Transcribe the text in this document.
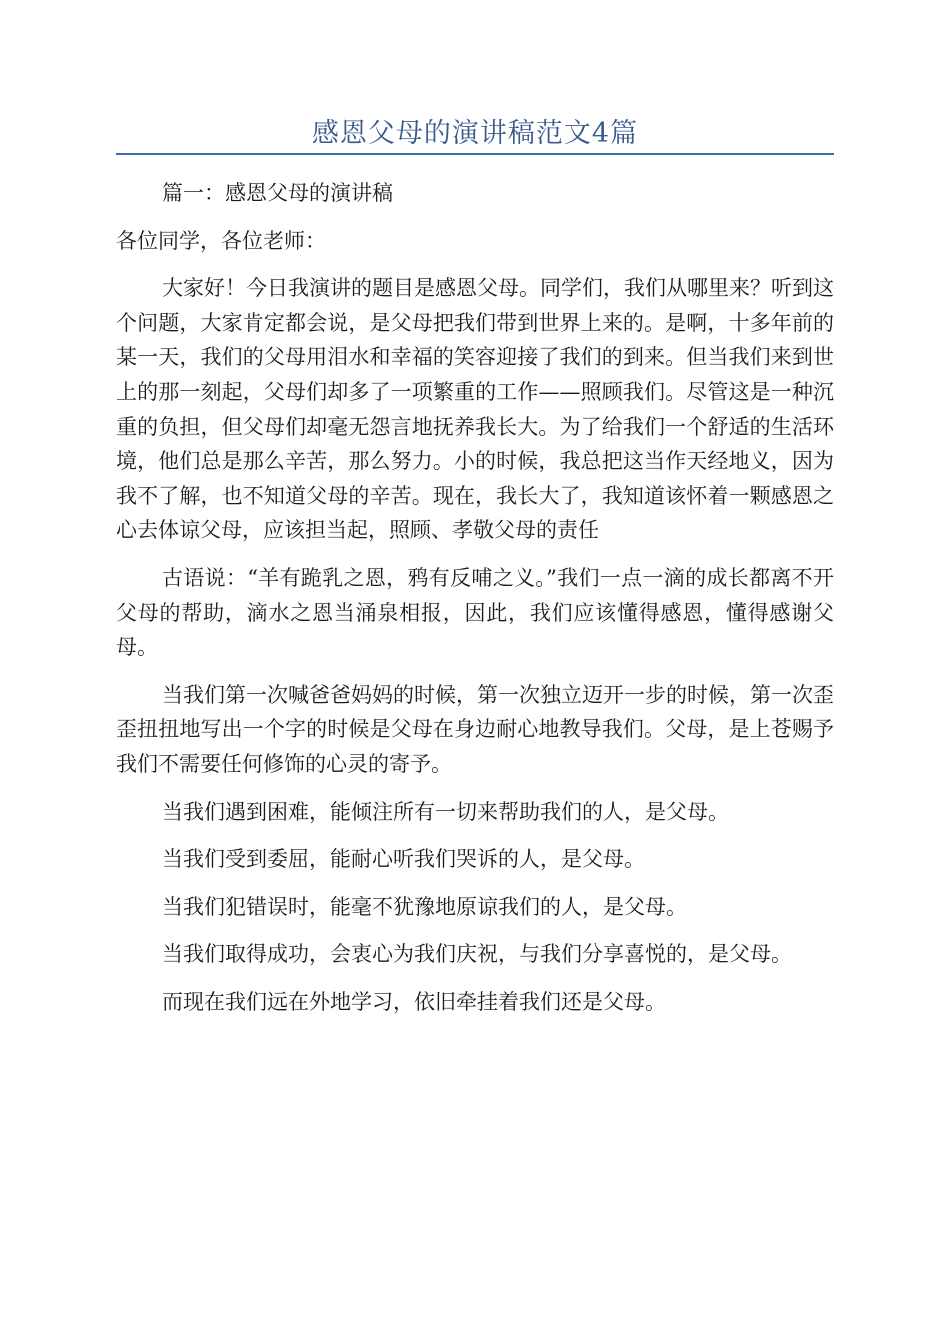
感恩父母的演讲稿范文4篇

篇一：感恩父母的演讲稿

各位同学，各位老师：

大家好！今日我演讲的题目是感恩父母。同学们，我们从哪里来？听到这个问题，大家肯定都会说，是父母把我们带到世界上来的。是啊，十多年前的某一天，我们的父母用泪水和幸福的笑容迎接了我们的到来。但当我们来到世上的那一刻起，父母们却多了一项繁重的工作——照顾我们。尽管这是一种沉重的负担，但父母们却毫无怨言地抚养我长大。为了给我们一个舒适的生活环境，他们总是那么辛苦，那么努力。小的时候，我总把这当作天经地义，因为我不了解，也不知道父母的辛苦。现在，我长大了，我知道该怀着一颗感恩之心去体谅父母，应该担当起，照顾、孝敬父母的责任

古语说：“羊有跪乳之恩，鸦有反哺之义。”我们一点一滴的成长都离不开父母的帮助，滴水之恩当涌泉相报，因此，我们应该懂得感恩，懂得感谢父母。

当我们第一次喊爸爸妈妈的时候，第一次独立迈开一步的时候，第一次歪歪扭扭地写出一个字的时候是父母在身边耐心地教导我们。父母，是上苍赐予我们不需要任何修饰的心灵的寄予。

当我们遇到困难，能倾注所有一切来帮助我们的人，是父母。

当我们受到委屈，能耐心听我们哭诉的人，是父母。

当我们犯错误时，能毫不犹豫地原谅我们的人，是父母。

当我们取得成功，会衷心为我们庆祝，与我们分享喜悦的，是父母。

而现在我们远在外地学习，依旧牵挂着我们还是父母。
